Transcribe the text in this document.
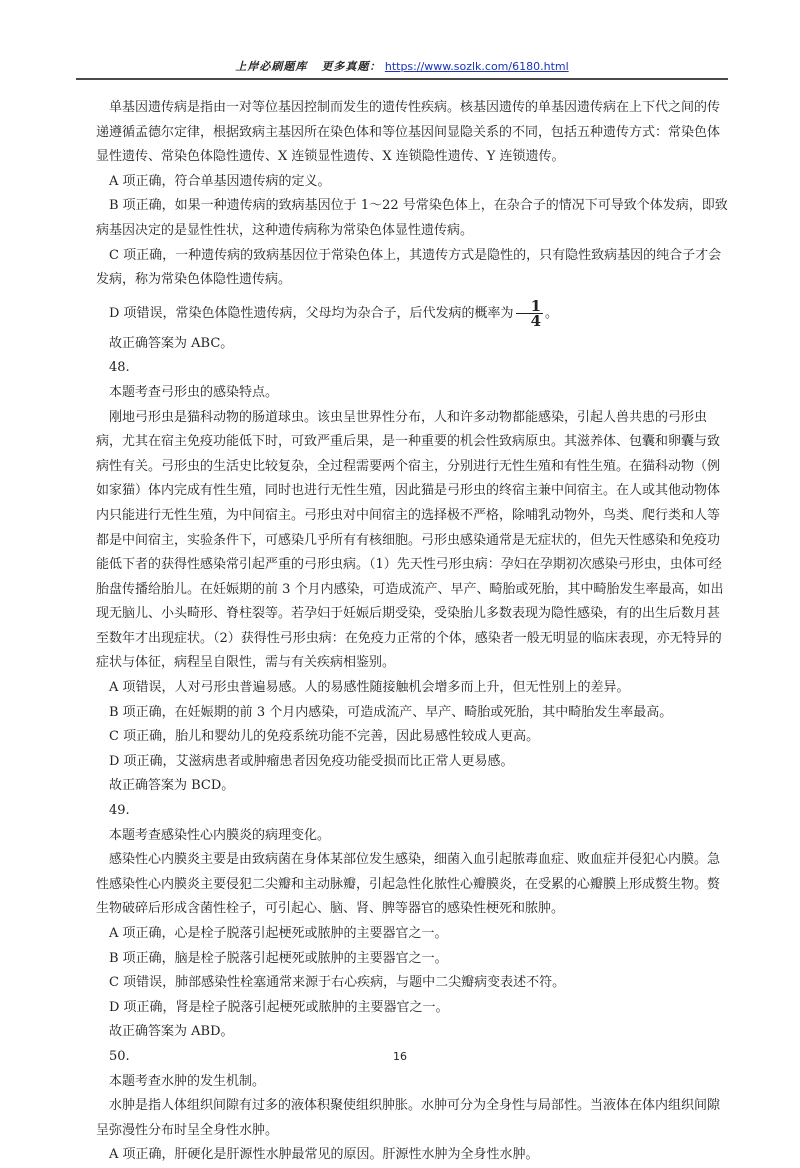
上岸必刷题库 更多真题： https://www.sozlk.com/6180.html

单基因遗传病是指由一对等位基因控制而发生的遗传性疾病。核基因遗传的单基因遗传病在上下代之间的传递遵循孟德尔定律，根据致病主基因所在染色体和等位基因间显隐关系的不同，包括五种遗传方式：常染色体显性遗传、常染色体隐性遗传、X 连锁显性遗传、X 连锁隐性遗传、Y 连锁遗传。

A 项正确，符合单基因遗传病的定义。

B 项正确，如果一种遗传病的致病基因位于 1～22 号常染色体上，在杂合子的情况下可导致个体发病，即致病基因决定的是显性性状，这种遗传病称为常染色体显性遗传病。

C 项正确，一种遗传病的致病基因位于常染色体上，其遗传方式是隐性的，只有隐性致病基因的纯合子才会发病，称为常染色体隐性遗传病。

D 项错误，常染色体隐性遗传病，父母均为杂合子，后代发病的概率为 $\frac{1}{4}$ 。

故正确答案为 ABC。

48.

本题考查弓形虫的感染特点。

刚地弓形虫是猫科动物的肠道球虫。该虫呈世界性分布，人和许多动物都能感染，引起人兽共患的弓形虫病，尤其在宿主免疫功能低下时，可致严重后果，是一种重要的机会性致病原虫。其滋养体、包囊和卵囊与致病性有关。弓形虫的生活史比较复杂，全过程需要两个宿主，分别进行无性生殖和有性生殖。在猫科动物（例如家猫）体内完成有性生殖，同时也进行无性生殖，因此猫是弓形虫的终宿主兼中间宿主。在人或其他动物体内只能进行无性生殖，为中间宿主。弓形虫对中间宿主的选择极不严格，除哺乳动物外，鸟类、爬行类和人等都是中间宿主，实验条件下，可感染几乎所有有核细胞。弓形虫感染通常是无症状的，但先天性感染和免疫功能低下者的获得性感染常引起严重的弓形虫病。（1）先天性弓形虫病：孕妇在孕期初次感染弓形虫，虫体可经胎盘传播给胎儿。在妊娠期的前 3 个月内感染，可造成流产、早产、畸胎或死胎，其中畸胎发生率最高，如出现无脑儿、小头畸形、脊柱裂等。若孕妇于妊娠后期受染，受染胎儿多数表现为隐性感染，有的出生后数月甚至数年才出现症状。（2）获得性弓形虫病：在免疫力正常的个体，感染者一般无明显的临床表现，亦无特异的症状与体征，病程呈自限性，需与有关疾病相鉴别。

A 项错误，人对弓形虫普遍易感。人的易感性随接触机会增多而上升，但无性别上的差异。

B 项正确，在妊娠期的前 3 个月内感染，可造成流产、早产、畸胎或死胎，其中畸胎发生率最高。

C 项正确，胎儿和婴幼儿的免疫系统功能不完善，因此易感性较成人更高。

D 项正确，艾滋病患者或肿瘤患者因免疫功能受损而比正常人更易感。

故正确答案为 BCD。

49.

本题考查感染性心内膜炎的病理变化。

感染性心内膜炎主要是由致病菌在身体某部位发生感染，细菌入血引起脓毒血症、败血症并侵犯心内膜。急性感染性心内膜炎主要侵犯二尖瓣和主动脉瓣，引起急性化脓性心瓣膜炎，在受累的心瓣膜上形成赘生物。赘生物破碎后形成含菌性栓子，可引起心、脑、肾、脾等器官的感染性梗死和脓肿。

A 项正确，心是栓子脱落引起梗死或脓肿的主要器官之一。

B 项正确，脑是栓子脱落引起梗死或脓肿的主要器官之一。

C 项错误，肺部感染性栓塞通常来源于右心疾病，与题中二尖瓣病变表述不符。

D 项正确，肾是栓子脱落引起梗死或脓肿的主要器官之一。

故正确答案为 ABD。

50.

本题考查水肿的发生机制。

水肿是指人体组织间隙有过多的液体积聚使组织肿胀。水肿可分为全身性与局部性。当液体在体内组织间隙呈弥漫性分布时呈全身性水肿。

A 项正确，肝硬化是肝源性水肿最常见的原因。肝源性水肿为全身性水肿。

16
